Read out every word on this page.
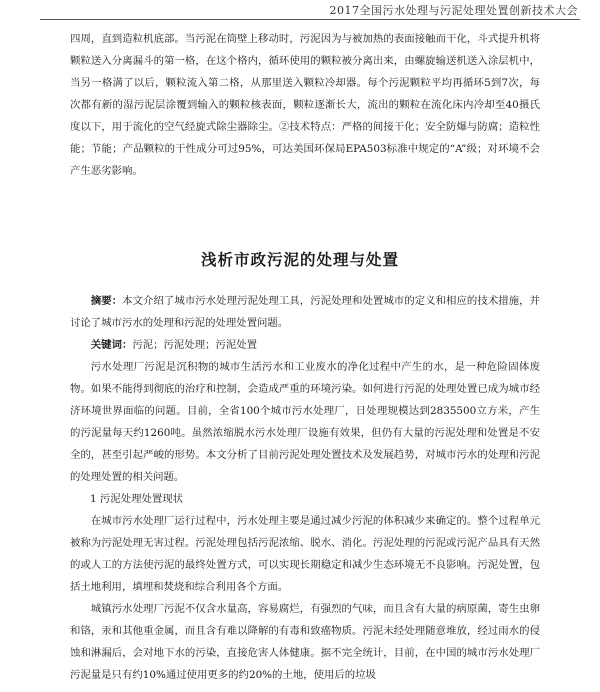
2017全国污水处理与污泥处理处置创新技术大会

四周，直到造粒机底部。当污泥在筒壁上移动时，污泥因为与被加热的表面接触而干化，斗式提升机将颗粒送入分离漏斗的第一格，在这个格内，循环使用的颗粒被分离出来，由螺旋输送机送入涂层机中，当另一格满了以后，颗粒流入第二格，从那里送入颗粒冷却器。每个污泥颗粒平均再循环5到7次，每次都有新的湿污泥层涂覆到输入的颗粒核表面，颗粒逐渐长大，流出的颗粒在流化床内冷却至40摄氏度以下，用于流化的空气经旋式除尘器除尘。②技术特点：严格的间接干化；安全防爆与防腐；造粒性能；节能；产品颗粒的干性成分可过95%，可达美国环保局EPA503标准中规定的“A”级；对环境不会产生恶劣影响。

浅析市政污泥的处理与处置

摘要：本文介绍了城市污水处理污泥处理工具，污泥处理和处置城市的定义和相应的技术措施，并讨论了城市污水的处理和污泥的处理处置问题。

关键词：污泥；污泥处理；污泥处置

污水处理厂污泥是沉积物的城市生活污水和工业废水的净化过程中产生的水，是一种危险固体废物。如果不能得到彻底的治疗和控制，会造成严重的环境污染。如何进行污泥的处理处置已成为城市经济环境世界面临的问题。目前，全省100个城市污水处理厂，日处理规模达到2835500立方米，产生的污泥量每天约1260吨。虽然浓缩脱水污水处理厂设施有效果，但仍有大量的污泥处理和处置是不安全的，甚至引起严峻的形势。本文分析了目前污泥处理处置技术及发展趋势，对城市污水的处理和污泥的处理处置的相关问题。

1 污泥处理处置现状

在城市污水处理厂运行过程中，污水处理主要是通过减少污泥的体积减少来确定的。整个过程单元被称为污泥处理无害过程。污泥处理包括污泥浓缩、脱水、消化。污泥处理的污泥或污泥产品具有天然的或人工的方法使污泥的最终处置方式，可以实现长期稳定和减少生态环境无不良影响。污泥处置，包括土地利用，填埋和焚烧和综合利用各个方面。

城镇污水处理厂污泥不仅含水量高，容易腐烂，有强烈的气味，而且含有大量的病原菌，寄生虫卵和铬，汞和其他重金属，而且含有难以降解的有毒和致癌物质。污泥未经处理随意堆放，经过雨水的侵蚀和淋漏后，会对地下水的污染，直接危害人体健康。据不完全统计，目前，在中国的城市污水处理厂污泥量是只有约10%通过使用更多的约20%的土地，使用后的垃圾
